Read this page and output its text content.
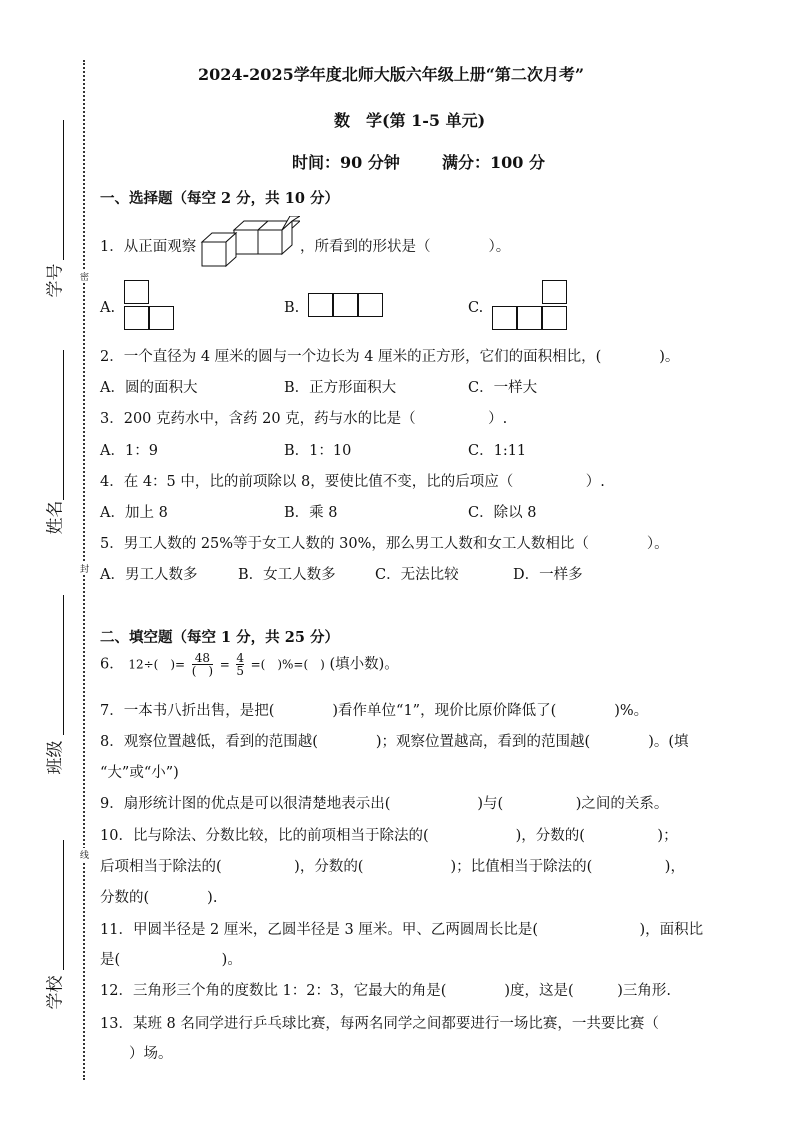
学号
姓名
班级
学校
密
封
线
2024-2025学年度北师大版六年级上册“第二次月考”
数　学(第 1-5 单元)
时间：90 分钟	满分：100 分
一、选择题（每空 2 分，共 10 分）
1．从正面观察	，所看到的形状是（　　　　）。
A.	B.	C.
2．一个直径为 4 厘米的圆与一个边长为 4 厘米的正方形，它们的面积相比，(　　　　)。
A．圆的面积大	B．正方形面积大	C．一样大
3．200 克药水中，含药 20 克，药与水的比是（　　　　　）.
A．1：9	B．1：10	C．1:11
4．在 4：5 中，比的前项除以 8，要使比值不变，比的后项应（　　　　　）.
A．加上 8	B．乘 8	C．除以 8
5．男工人数的 25%等于女工人数的 30%，那么男工人数和女工人数相比（　　　　）。
A．男工人数多	B．女工人数多	C．无法比较	D．一样多
二、填空题（每空 1 分，共 25 分）
6． 12÷(　)= $\frac{48}{( )} = \frac{4}{5}$ =(　)%=(　) (填小数)。
7．一本书八折出售，是把(　　　　)看作单位“1”，现价比原价降低了(　　　　)%。
8．观察位置越低，看到的范围越(　　　　)；观察位置越高，看到的范围越(　　　　)。(填
“大”或“小”)
9．扇形统计图的优点是可以很清楚地表示出(　　　　　　)与(　　　　　)之间的关系。
10．比与除法、分数比较，比的前项相当于除法的(　　　　　　)，分数的(　　　　　)；
后项相当于除法的(　　　　　)，分数的(　　　　　　)；比值相当于除法的(　　　　　)，
分数的(　　　　).
11．甲圆半径是 2 厘米，乙圆半径是 3 厘米。甲、乙两圆周长比是(　　　　　　　)，面积比
是(　　　　　　　)。
12．三角形三个角的度数比 1：2：3，它最大的角是(　　　　)度，这是(　　　)三角形.
13．某班 8 名同学进行乒乓球比赛，每两名同学之间都要进行一场比赛，一共要比赛（
　　）场。
